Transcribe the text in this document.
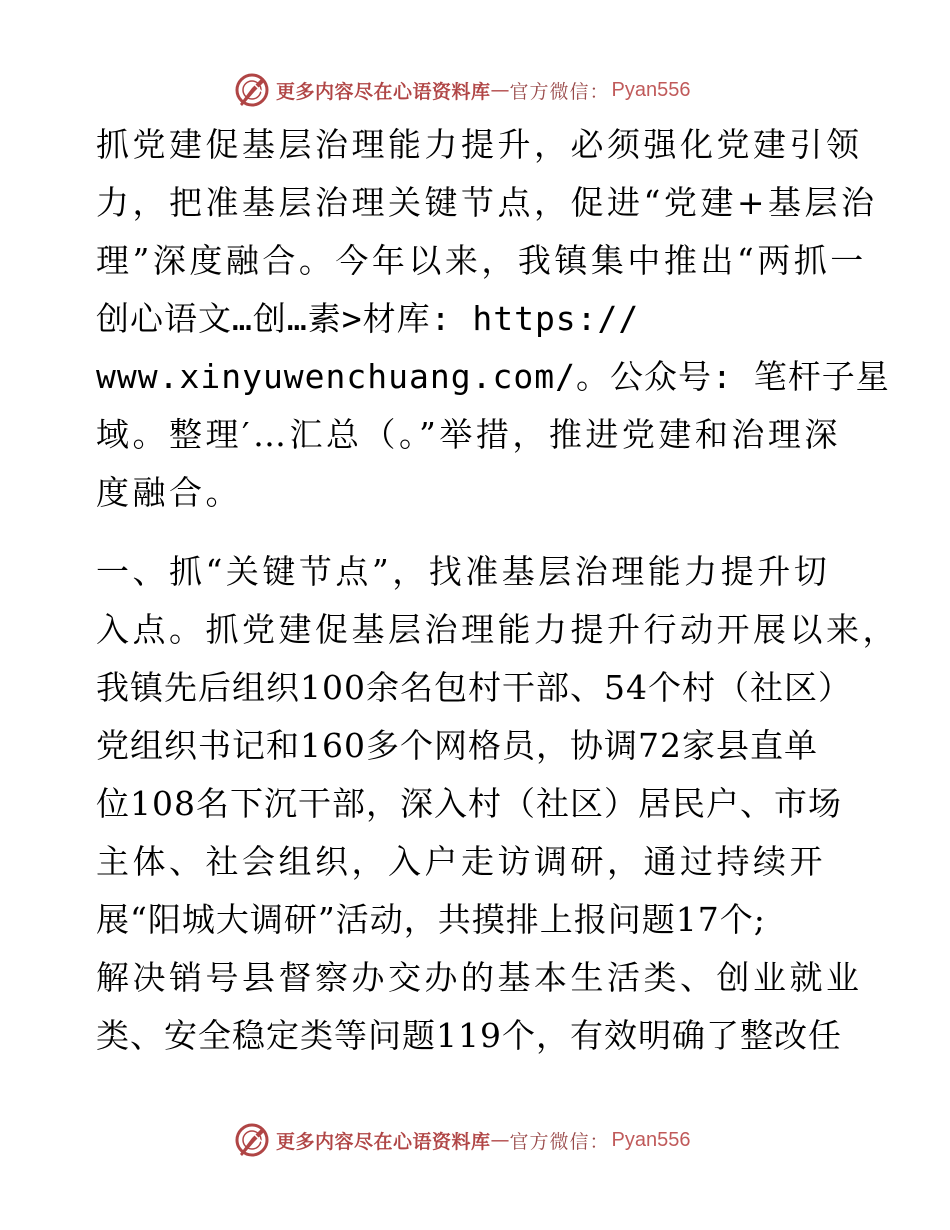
更多内容尽在心语资料库 — 官方微信： Pyan556
抓党建促基层治理能力提升，必须强化党建引领
力，把准基层治理关键节点，促进“党建+基层治
理”深度融合。今年以来，我镇集中推出“两抓一
创心语文…创…素>材库: https://
www.xinyuwenchuang.com/。公众号: 笔杆子星
域。整理′…汇总（。”举措，推进党建和治理深
度融合。
一、抓“关键节点”，找准基层治理能力提升切
入点。抓党建促基层治理能力提升行动开展以来，
我镇先后组织100余名包村干部、54个村（社区）
党组织书记和160多个网格员，协调72家县直单
位108名下沉干部，深入村（社区）居民户、市场
主体、社会组织，入户走访调研，通过持续开
展“阳城大调研”活动，共摸排上报问题17个;
解决销号县督察办交办的基本生活类、创业就业
类、安全稳定类等问题119个，有效明确了整改任
更多内容尽在心语资料库 — 官方微信： Pyan556
